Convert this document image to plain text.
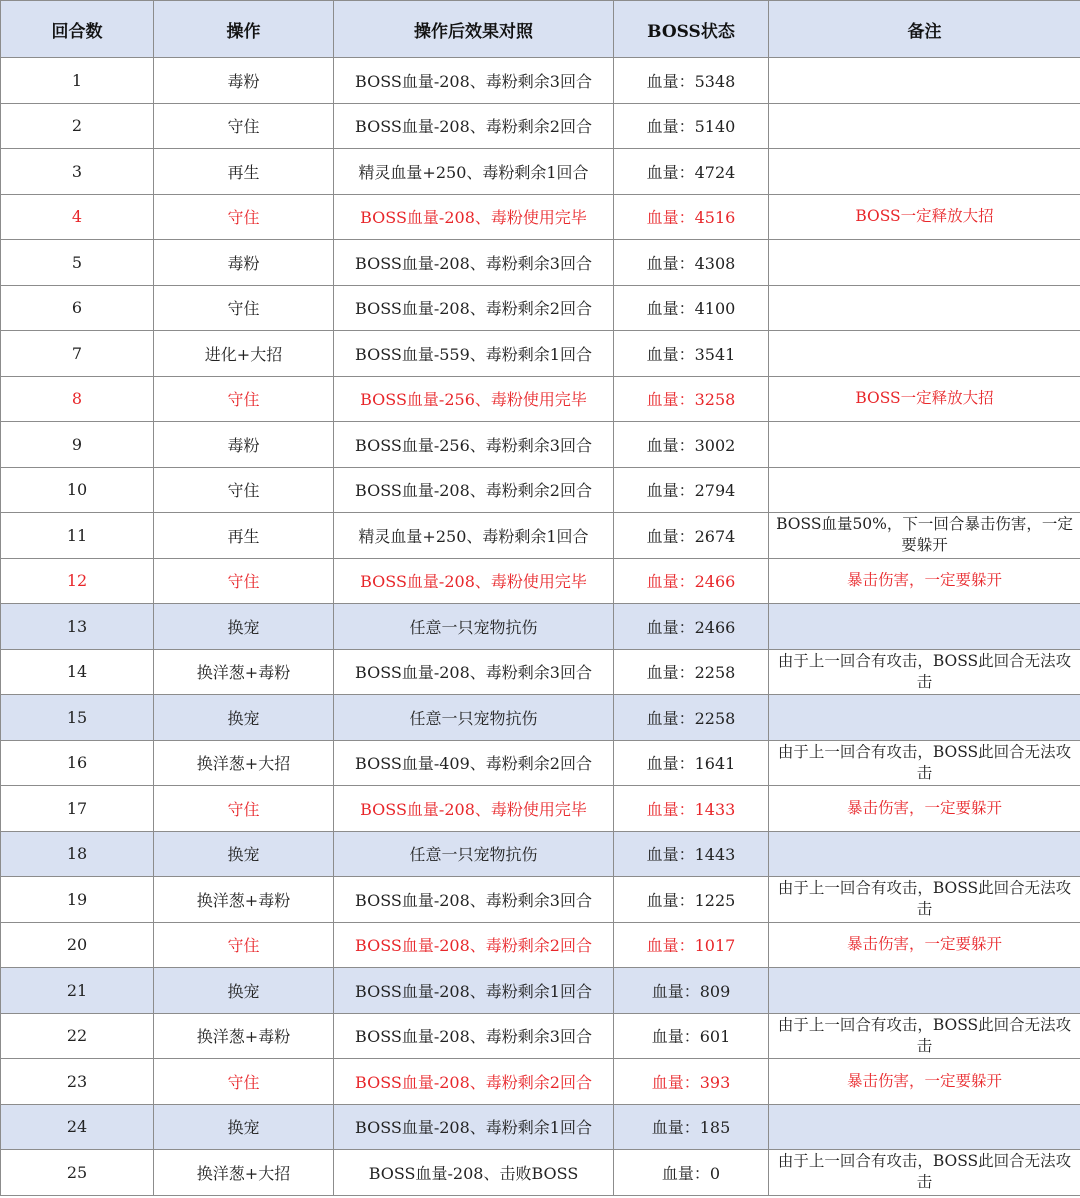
回合数	操作	操作后效果对照	BOSS状态	备注
1	毒粉	BOSS血量-208、毒粉剩余3回合	血量：5348	
2	守住	BOSS血量-208、毒粉剩余2回合	血量：5140	
3	再生	精灵血量+250、毒粉剩余1回合	血量：4724	
4	守住	BOSS血量-208、毒粉使用完毕	血量：4516	BOSS一定释放大招
5	毒粉	BOSS血量-208、毒粉剩余3回合	血量：4308	
6	守住	BOSS血量-208、毒粉剩余2回合	血量：4100	
7	进化+大招	BOSS血量-559、毒粉剩余1回合	血量：3541	
8	守住	BOSS血量-256、毒粉使用完毕	血量：3258	BOSS一定释放大招
9	毒粉	BOSS血量-256、毒粉剩余3回合	血量：3002	
10	守住	BOSS血量-208、毒粉剩余2回合	血量：2794	
11	再生	精灵血量+250、毒粉剩余1回合	血量：2674	BOSS血量50%，下一回合暴击伤害，一定要躲开
12	守住	BOSS血量-208、毒粉使用完毕	血量：2466	暴击伤害，一定要躲开
13	换宠	任意一只宠物抗伤	血量：2466	
14	换洋葱+毒粉	BOSS血量-208、毒粉剩余3回合	血量：2258	由于上一回合有攻击，BOSS此回合无法攻击
15	换宠	任意一只宠物抗伤	血量：2258	
16	换洋葱+大招	BOSS血量-409、毒粉剩余2回合	血量：1641	由于上一回合有攻击，BOSS此回合无法攻击
17	守住	BOSS血量-208、毒粉使用完毕	血量：1433	暴击伤害，一定要躲开
18	换宠	任意一只宠物抗伤	血量：1443	
19	换洋葱+毒粉	BOSS血量-208、毒粉剩余3回合	血量：1225	由于上一回合有攻击，BOSS此回合无法攻击
20	守住	BOSS血量-208、毒粉剩余2回合	血量：1017	暴击伤害，一定要躲开
21	换宠	BOSS血量-208、毒粉剩余1回合	血量：809	
22	换洋葱+毒粉	BOSS血量-208、毒粉剩余3回合	血量：601	由于上一回合有攻击，BOSS此回合无法攻击
23	守住	BOSS血量-208、毒粉剩余2回合	血量：393	暴击伤害，一定要躲开
24	换宠	BOSS血量-208、毒粉剩余1回合	血量：185	
25	换洋葱+大招	BOSS血量-208、击败BOSS	血量：0	由于上一回合有攻击，BOSS此回合无法攻击
